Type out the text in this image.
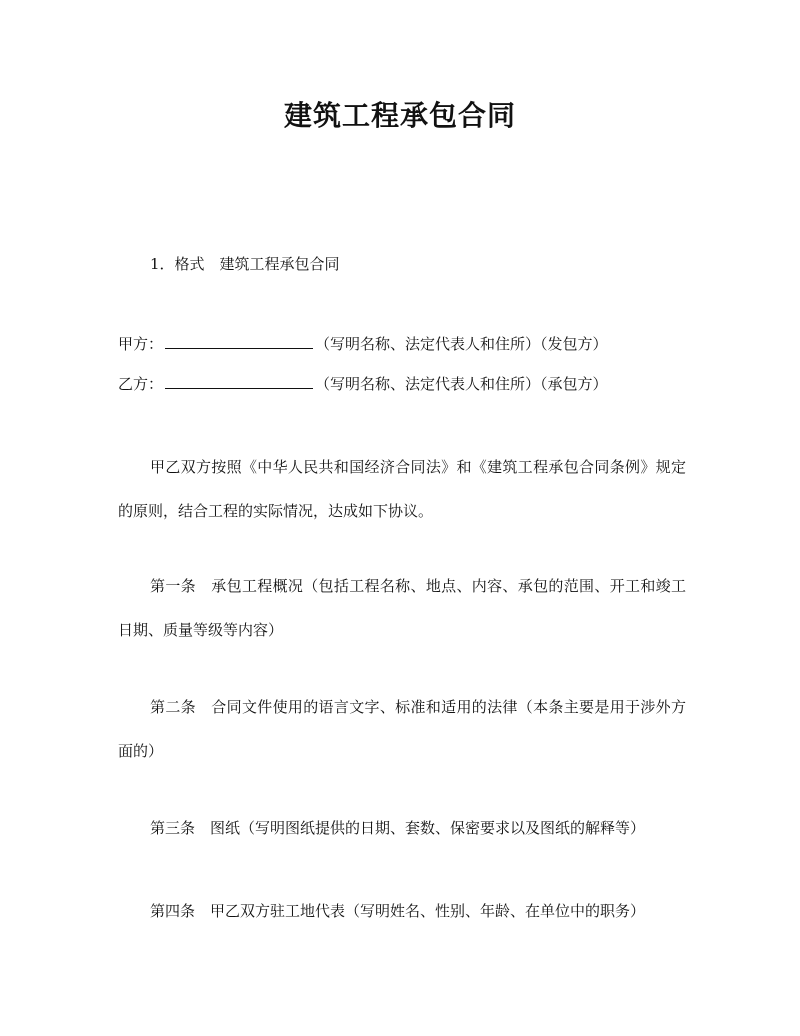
建筑工程承包合同
1．格式　建筑工程承包合同
甲方：	（写明名称、法定代表人和住所）（发包方）
乙方：	（写明名称、法定代表人和住所）（承包方）
甲乙双方按照《中华人民共和国经济合同法》和《建筑工程承包合同条例》规定的原则，结合工程的实际情况，达成如下协议。
第一条　承包工程概况（包括工程名称、地点、内容、承包的范围、开工和竣工日期、质量等级等内容）
第二条　合同文件使用的语言文字、标准和适用的法律（本条主要是用于涉外方面的）
第三条　图纸（写明图纸提供的日期、套数、保密要求以及图纸的解释等）
第四条　甲乙双方驻工地代表（写明姓名、性别、年龄、在单位中的职务）
